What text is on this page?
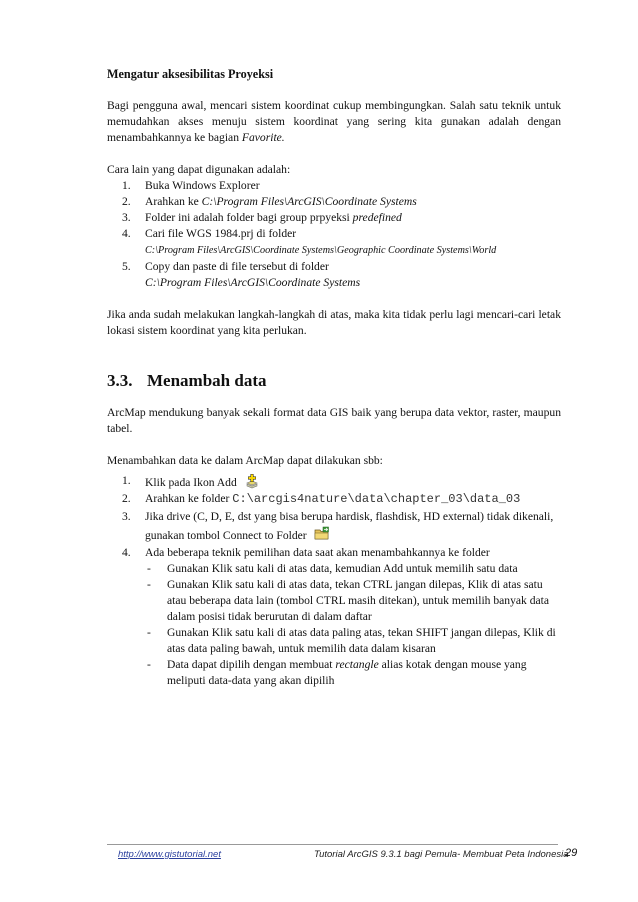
Mengatur aksesibilitas Proyeksi

Bagi pengguna awal, mencari sistem koordinat cukup membingungkan. Salah satu teknik untuk memudahkan akses menuju sistem koordinat yang sering kita gunakan adalah dengan menambahkannya ke bagian Favorite.

Cara lain yang dapat digunakan adalah:
1. Buka Windows Explorer
2. Arahkan ke C:\Program Files\ArcGIS\Coordinate Systems
3. Folder ini adalah folder bagi group prpyeksi predefined
4. Cari file WGS 1984.prj di folder
C:\Program Files\ArcGIS\Coordinate Systems\Geographic Coordinate Systems\World
5. Copy dan paste di file tersebut di folder
C:\Program Files\ArcGIS\Coordinate Systems

Jika anda sudah melakukan langkah-langkah di atas, maka kita tidak perlu lagi mencari-cari letak lokasi sistem koordinat yang kita perlukan.

3.3. Menambah data

ArcMap mendukung banyak sekali format data GIS baik yang berupa data vektor, raster, maupun tabel.

Menambahkan data ke dalam ArcMap dapat dilakukan sbb:
1. Klik pada Ikon Add
2. Arahkan ke folder C:\arcgis4nature\data\chapter_03\data_03
3. Jika drive (C, D, E, dst yang bisa berupa hardisk, flashdisk, HD external) tidak dikenali, gunakan tombol Connect to Folder
4. Ada beberapa teknik pemilihan data saat akan menambahkannya ke folder
- Gunakan Klik satu kali di atas data, kemudian Add untuk memilih satu data
- Gunakan Klik satu kali di atas data, tekan CTRL jangan dilepas, Klik di atas satu atau beberapa data lain (tombol CTRL masih ditekan), untuk memilih banyak data dalam posisi tidak berurutan di dalam daftar
- Gunakan Klik satu kali di atas data paling atas, tekan SHIFT jangan dilepas, Klik di atas data paling bawah, untuk memilih data dalam kisaran
- Data dapat dipilih dengan membuat rectangle alias kotak dengan mouse yang meliputi data-data yang akan dipilih
http://www.gistutorial.net	Tutorial ArcGIS 9.3.1 bagi Pemula- Membuat Peta Indonesia
29
